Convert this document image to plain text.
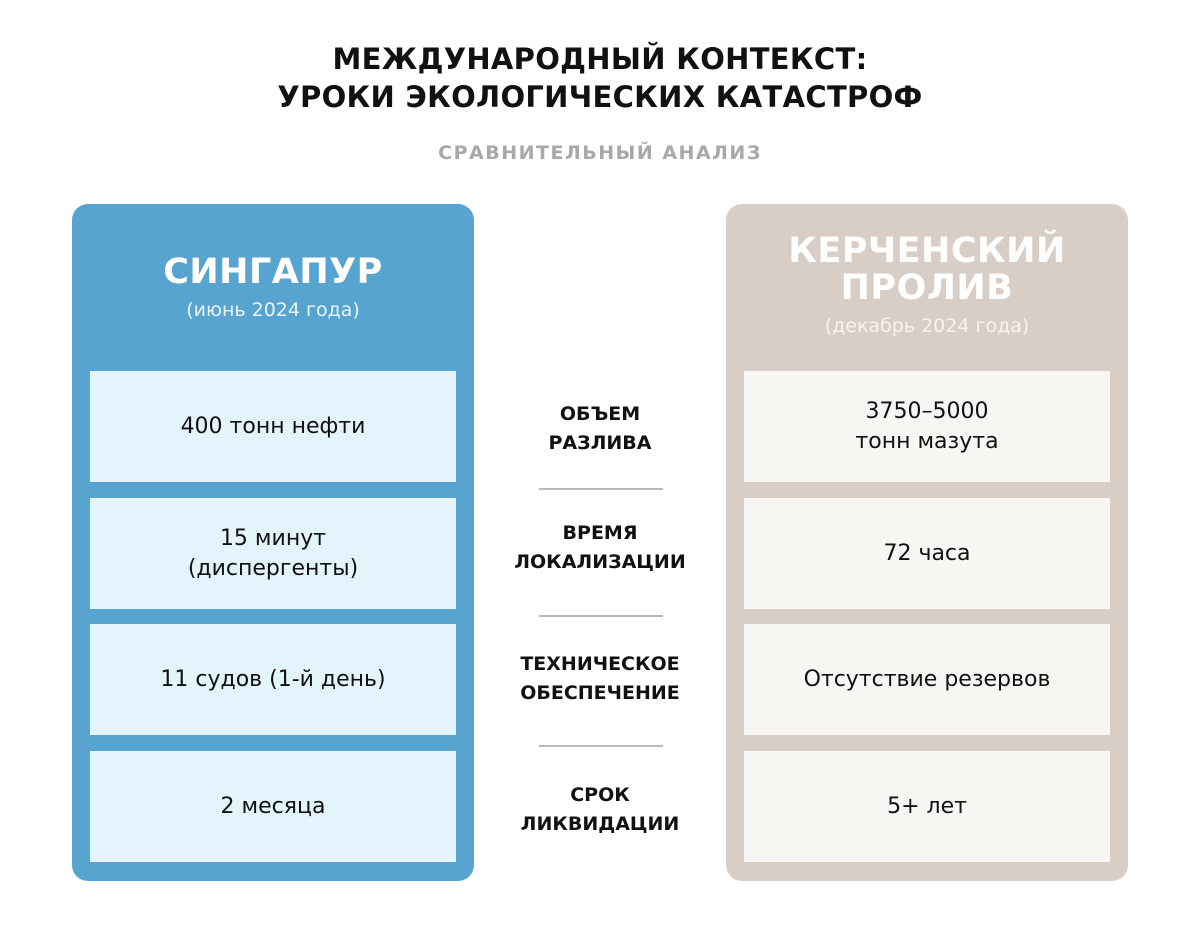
МЕЖДУНАРОДНЫЙ КОНТЕКСТ:
УРОКИ ЭКОЛОГИЧЕСКИХ КАТАСТРОФ
СРАВНИТЕЛЬНЫЙ АНАЛИЗ
СИНГАПУР
(июнь 2024 года)
400 тонн нефти
15 минут
(диспергенты)
11 судов (1-й день)
2 месяца
ОБЪЕМ
РАЗЛИВА
ВРЕМЯ
ЛОКАЛИЗАЦИИ
ТЕХНИЧЕСКОЕ
ОБЕСПЕЧЕНИЕ
СРОК
ЛИКВИДАЦИИ
КЕРЧЕНСКИЙ
ПРОЛИВ
(декабрь 2024 года)
3750–5000
тонн мазута
72 часа
Отсутствие резервов
5+ лет
